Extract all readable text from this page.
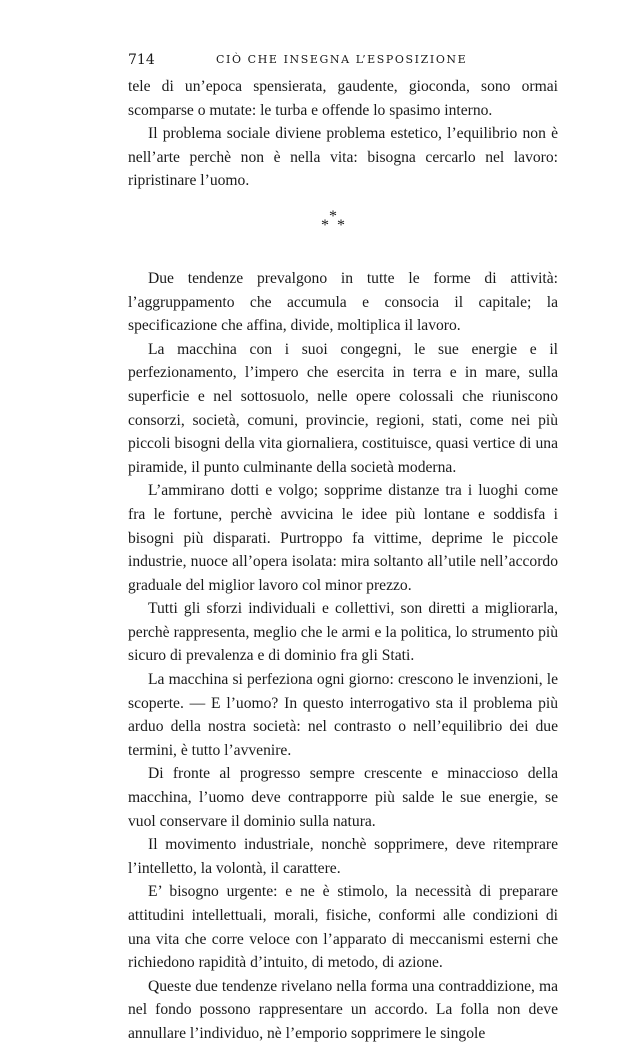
714	CIÒ CHE INSEGNA L’ESPOSIZIONE

tele di un’epoca spensierata, gaudente, gioconda, sono ormai scomparse o mutate: le turba e offende lo spasimo interno.

Il problema sociale diviene problema estetico, l’equilibrio non è nell’arte perchè non è nella vita: bisogna cercarlo nel lavoro: ripristinare l’uomo.

*
* *

Due tendenze prevalgono in tutte le forme di attività: l’aggruppamento che accumula e consocia il capitale; la specificazione che affina, divide, moltiplica il lavoro.

La macchina con i suoi congegni, le sue energie e il perfezionamento, l’impero che esercita in terra e in mare, sulla superficie e nel sottosuolo, nelle opere colossali che riuniscono consorzi, società, comuni, provincie, regioni, stati, come nei più piccoli bisogni della vita giornaliera, costituisce, quasi vertice di una piramide, il punto culminante della società moderna.

L’ammirano dotti e volgo; sopprime distanze tra i luoghi come fra le fortune, perchè avvicina le idee più lontane e soddisfa i bisogni più disparati. Purtroppo fa vittime, deprime le piccole industrie, nuoce all’opera isolata: mira soltanto all’utile nell’accordo graduale del miglior lavoro col minor prezzo.

Tutti gli sforzi individuali e collettivi, son diretti a migliorarla, perchè rappresenta, meglio che le armi e la politica, lo strumento più sicuro di prevalenza e di dominio fra gli Stati.

La macchina si perfeziona ogni giorno: crescono le invenzioni, le scoperte. — E l’uomo? In questo interrogativo sta il problema più arduo della nostra società: nel contrasto o nell’equilibrio dei due termini, è tutto l’avvenire.

Di fronte al progresso sempre crescente e minaccioso della macchina, l’uomo deve contrapporre più salde le sue energie, se vuol conservare il dominio sulla natura.

Il movimento industriale, nonchè sopprimere, deve ritemprare l’intelletto, la volontà, il carattere.

E’ bisogno urgente: e ne è stimolo, la necessità di preparare attitudini intellettuali, morali, fisiche, conformi alle condizioni di una vita che corre veloce con l’apparato di meccanismi esterni che richiedono rapidità d’intuito, di metodo, di azione.

Queste due tendenze rivelano nella forma una contraddizione, ma nel fondo possono rappresentare un accordo. La folla non deve annullare l’individuo, nè l’emporio sopprimere le singole
